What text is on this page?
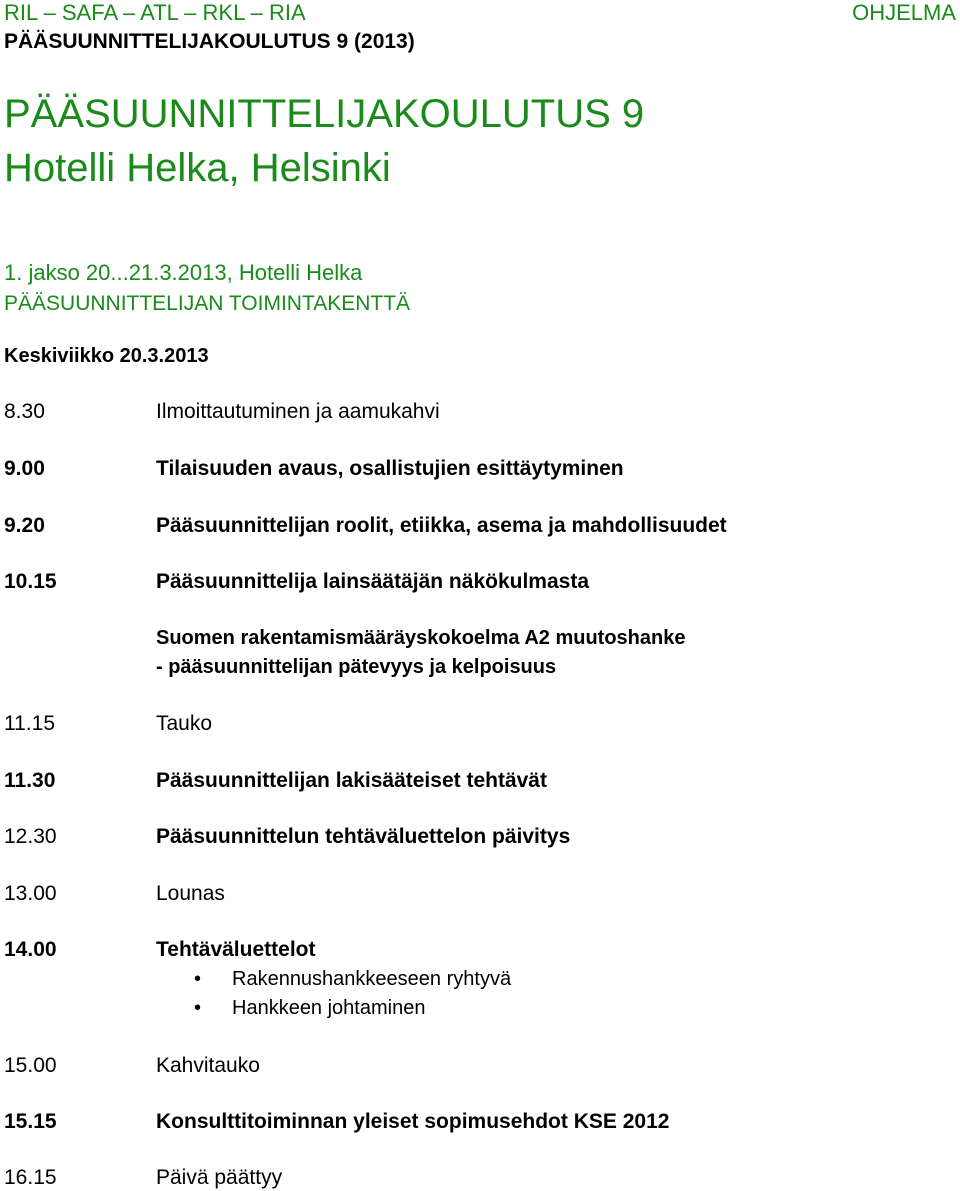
RIL – SAFA – ATL – RKL – RIA	OHJELMA
PÄÄSUUNNITTELIJAKOULUTUS 9 (2013)
PÄÄSUUNNITTELIJAKOULUTUS 9
Hotelli Helka, Helsinki
1. jakso 20...21.3.2013, Hotelli Helka
PÄÄSUUNNITTELIJAN TOIMINTAKENTTÄ
Keskiviikko 20.3.2013
8.30	Ilmoittautuminen ja aamukahvi
9.00	Tilaisuuden avaus, osallistujien esittäytyminen
9.20	Pääsuunnittelijan roolit, etiikka, asema ja mahdollisuudet
10.15	Pääsuunnittelija lainsäätäjän näkökulmasta
Suomen rakentamismääräyskokoelma A2 muutoshanke
- pääsuunnittelijan pätevyys ja kelpoisuus
11.15	Tauko
11.30	Pääsuunnittelijan lakisääteiset tehtävät
12.30	Pääsuunnittelun tehtäväluettelon päivitys
13.00	Lounas
14.00	Tehtäväluettelot
• Rakennushankkeeseen ryhtyvä
• Hankkeen johtaminen
15.00	Kahvitauko
15.15	Konsulttitoiminnan yleiset sopimusehdot KSE 2012
16.15	Päivä päättyy
